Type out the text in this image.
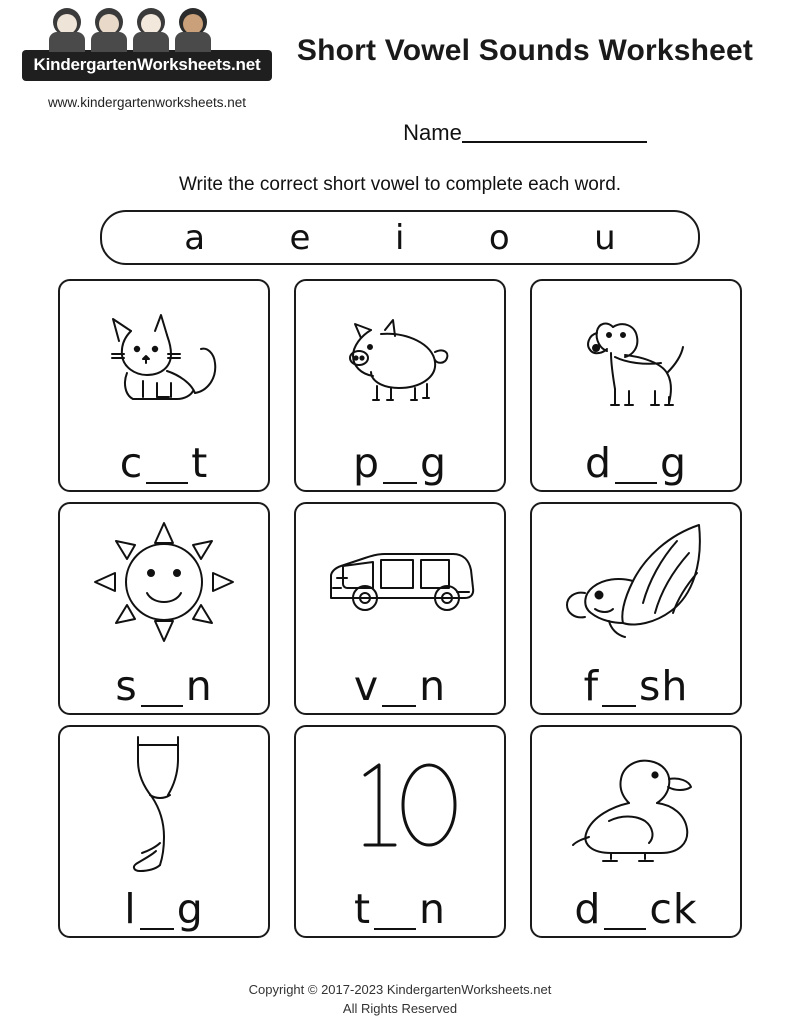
KindergartenWorksheets.net
www.kindergartenworksheets.net
Short Vowel Sounds Worksheet
Name
Write the correct short vowel to complete each word.
a e i o u
c t	p g	d g
s n	v n	f sh
l g	t n	d ck
Copyright © 2017-2023 KindergartenWorksheets.net
All Rights Reserved
